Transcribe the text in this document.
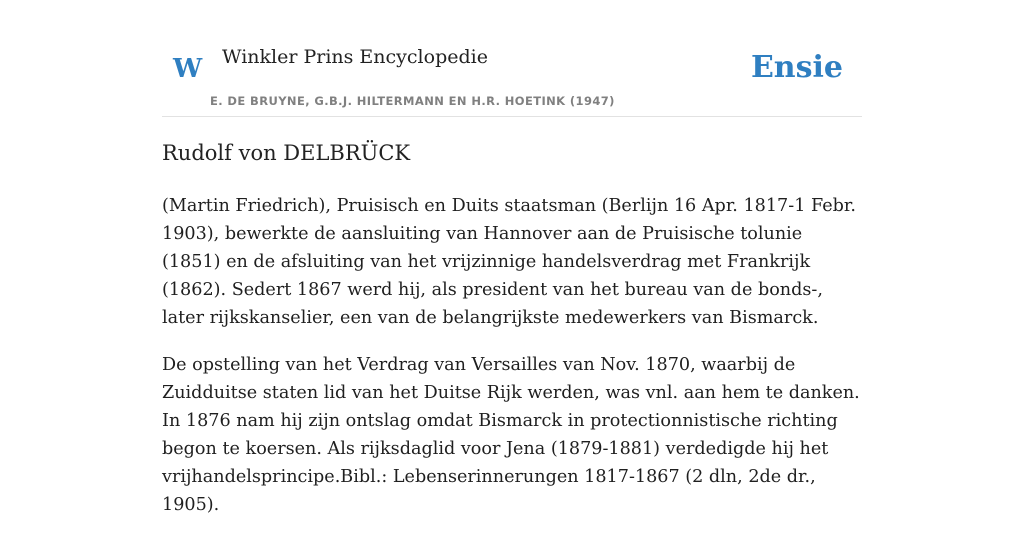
W Winkler Prins Encyclopedie
E. DE BRUYNE, G.B.J. HILTERMANN EN H.R. HOETINK (1947)
Ensie
Rudolf von DELBRÜCK

(Martin Friedrich), Pruisisch en Duits staatsman (Berlijn 16 Apr. 1817-1 Febr. 1903), bewerkte de aansluiting van Hannover aan de Pruisische tolunie (1851) en de afsluiting van het vrijzinnige handelsverdrag met Frankrijk (1862). Sedert 1867 werd hij, als president van het bureau van de bonds-, later rijkskanselier, een van de belangrijkste medewerkers van Bismarck.

De opstelling van het Verdrag van Versailles van Nov. 1870, waarbij de Zuidduitse staten lid van het Duitse Rijk werden, was vnl. aan hem te danken. In 1876 nam hij zijn ontslag omdat Bismarck in protectionnistische richting begon te koersen. Als rijksdaglid voor Jena (1879-1881) verdedigde hij het vrijhandelsprincipe.Bibl.: Lebenserinnerungen 1817-1867 (2 dln, 2de dr., 1905).
